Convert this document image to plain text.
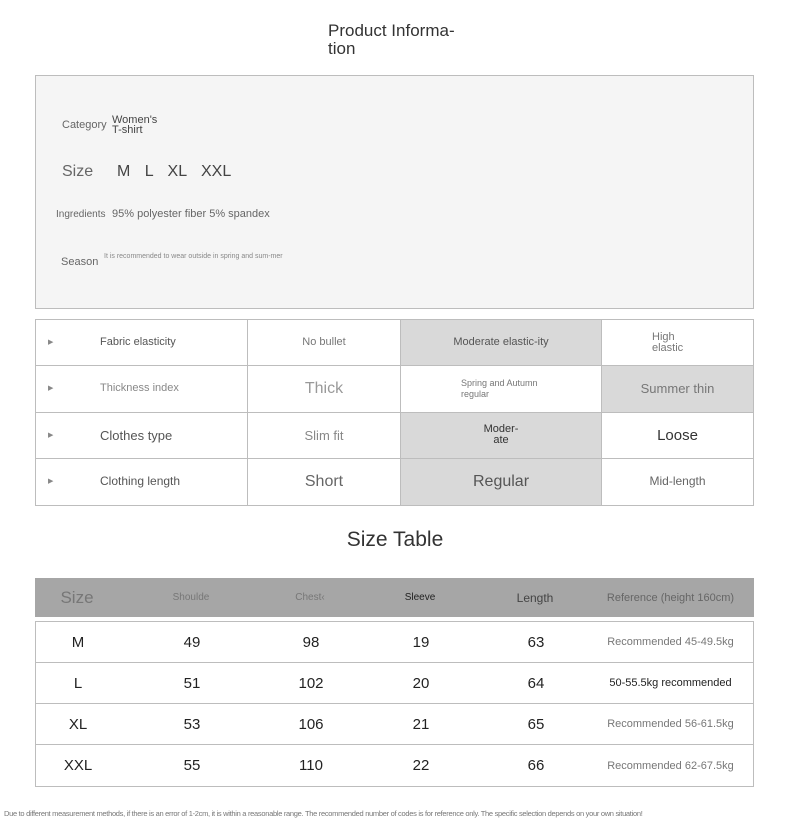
Product Informa-tion
Category Women's T-shirt
Size M L XL XXL
Ingredients 95% polyester fiber 5% spandex
Season It is recommended to wear outside in spring and sum-mer
▶	Fabric elasticity	No bullet	Moderate elastic-ity	High elastic
▶	Thickness index	Thick	Spring and Autumn regular	Summer thin
▶	Clothes type	Slim fit	Moder-ate	Loose
▶	Clothing length	Short	Regular	Mid-length
Size Table
Size	Shoulde	Chest‹	Sleeve	Length	Reference (height 160cm)
M	49	98	19	63	Recommended 45-49.5kg
L	51	102	20	64	50-55.5kg recommended
XL	53	106	21	65	Recommended 56-61.5kg
XXL	55	110	22	66	Recommended 62-67.5kg
Due to different measurement methods, if there is an error of 1-2cm, it is within a reasonable range. The recommended number of codes is for reference only. The specific selection depends on your own situation!
